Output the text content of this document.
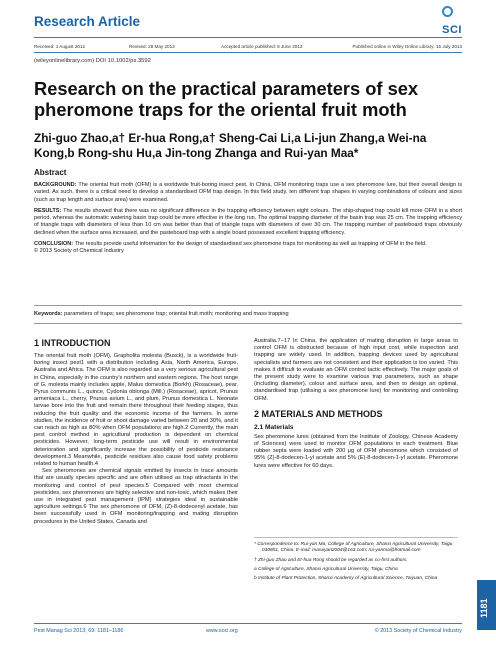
Research Article
SCI
Received: 1 August 2012	Revised: 28 May 2013	Accepted article published: 8 June 2013	Published online in Wiley Online Library: 15 July 2013
(wileyonlinelibrary.com) DOI 10.1002/ps.3592
Research on the practical parameters of sex pheromone traps for the oriental fruit moth
Zhi-guo Zhao,a† Er-hua Rong,a† Sheng-Cai Li,a Li-jun Zhang,a Wei-na Kong,b Rong-shu Hu,a Jin-tong Zhanga and Rui-yan Maa*
Abstract

BACKGROUND: The oriental fruit moth (OFM) is a worldwide fruit-boring insect pest. In China, OFM monitoring traps use a sex pheromone lure, but their overall design is varied. As such, there is a critical need to develop a standardised OFM trap design. In this field study, ten different trap shapes in varying combinations of colours and sizes (such as trap length and surface area) were examined.

RESULTS: The results showed that there was no significant difference in the trapping efficiency between eight colours. The ship-shaped trap could kill more OFM in a short period, whereas the automatic watering basin trap could be more effective in the long run. The optimal trapping diameter of the basin trap was 25 cm. The trapping efficiency of triangle traps with diameters of less than 10 cm was better than that of triangle traps with diameters of over 30 cm. The trapping number of pasteboard traps obviously declined when the surface area increased, and the pasteboard trap with a single board possessed excellent trapping efficiency.

CONCLUSION: The results provide useful information for the design of standardised sex pheromone traps for monitoring as well as trapping of OFM in the field.

© 2013 Society of Chemical Industry
Keywords: parameters of traps; sex pheromone trap; oriental fruit moth; monitoring and mass trapping
1 INTRODUCTION

The oriental fruit moth (OFM), Grapholita molesta (Busck), is a worldwide fruit-boring insect pest1 with a distribution including Asia, North America, Europe, Australia and Africa. The OFM is also regarded as a very serious agricultural pest in China, especially in the country's northern and eastern regions. The host range of G. molesta mainly includes apple, Malus domestica (Borkh) (Rosaceae), pear, Pyrus communis L., quince, Cydonia oblonga (Mill.) (Rosaceae), apricot, Prunus armeniaca L., cherry, Prunus avium L., and plum, Prunus domestica L. Neonate larvae bore into the fruit and remain there throughout their feeding stages, thus reducing the fruit quality and the economic income of the farmers. In some studies, the incidence of fruit or shoot damage varied between 20 and 30%, and it can reach as high as 80% when OFM populations are high.2 Currently, the main pest control method in agricultural production is dependent on chemical pesticides. However, long-term pesticide use will result in environmental deterioration and significantly increase the possibility of pesticide resistance development.3 Meanwhile, pesticide residues also cause food safety problems related to human health.4

Sex pheromones are chemical signals emitted by insects in trace amounts that are usually species specific and are often utilised as trap attractants in the monitoring and control of pest species.5 Compared with most chemical pesticides, sex pheromones are highly selective and non-toxic, which makes their use in integrated pest management (IPM) strategies ideal in sustainable agriculture settings.6 The sex pheromone of OFM, (Z)-8-dodecenyl acetate, has been successfully used in OFM monitoring/trapping and mating disruption procedures in the United States, Canada and

Australia.7−17 In China, the application of mating disruption in large areas to control OFM is obstructed because of high input cost, while inspection and trapping are widely used. In addition, trapping devices used by agricultural specialists and farmers are not consistent and their application is too varied. This makes it difficult to evaluate an OFM control tactic effectively. The major goals of the present study were to examine various trap parameters, such as shape (including diameter), colour and surface area, and then to design an optimal, standardised trap (utilising a sex pheromone lure) for monitoring and controlling OFM.

2 MATERIALS AND METHODS
2.1 Materials

Sex pheromone lures (obtained from the Institute of Zoology, Chinese Academy of Sciences) were used to monitor OFM populations in each treatment. Blue rubber septa were loaded with 200 μg of OFM pheromone which consisted of 95% (Z)-8-dodecen-1-yl acetate and 5% (E)-8-dodecen-1-yl acetate. Pheromone lures were effective for 60 days.

* Correspondence to: Rui-yan Ma, College of Agriculture, Shanxi Agricultural University, Taigu 030801, China. E-mail: maruiyan2004@163.com; rui-yanma@hotmail.com
† Zhi-guo Zhao and Er-hua Rong should be regarded as co-first authors.
a College of Agriculture, Shanxi Agricultural University, Taigu, China
b Institute of Plant Protection, Shanxi Academy of Agricultural Science, Taiyuan, China
Pest Manag Sci 2013; 69: 1181–1186	www.soci.org	© 2013 Society of Chemical Industry
1181
